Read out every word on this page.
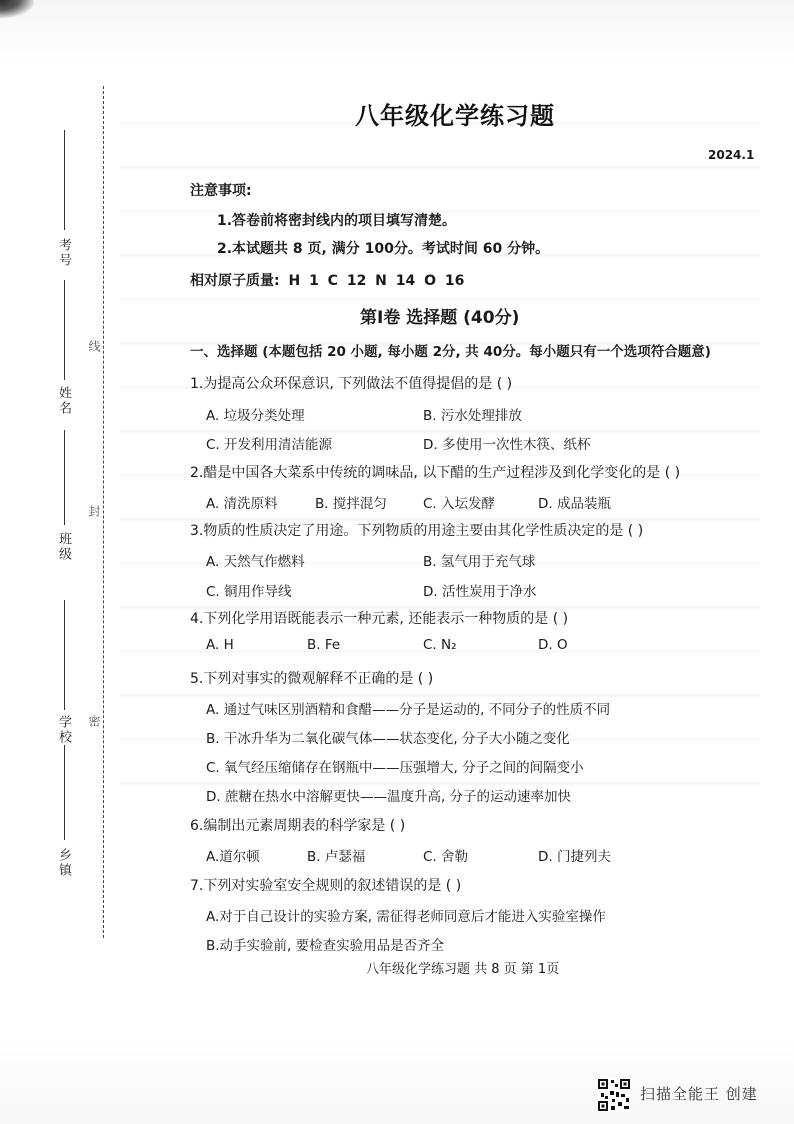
考号
姓名
班级
学校
乡镇
线
封
密
八年级化学练习题
2024.1
注意事项:
1.答卷前将密封线内的项目填写清楚。
2.本试题共 8 页, 满分 100分。考试时间 60 分钟。
相对原子质量: H 1 C 12 N 14 O 16
第Ⅰ卷 选择题 (40分)
一、选择题 (本题包括 20 小题, 每小题 2分, 共 40分。每小题只有一个选项符合题意)
1.为提高公众环保意识, 下列做法不值得提倡的是 ( )
A. 垃圾分类处理	B. 污水处理排放
C. 开发利用清洁能源	D. 多使用一次性木筷、纸杯
2.醋是中国各大菜系中传统的调味品, 以下醋的生产过程涉及到化学变化的是 ( )
A. 清洗原料	B. 搅拌混匀	C. 入坛发酵	D. 成品装瓶
3.物质的性质决定了用途。下列物质的用途主要由其化学性质决定的是 ( )
A. 天然气作燃料	B. 氢气用于充气球
C. 铜用作导线	D. 活性炭用于净水
4.下列化学用语既能表示一种元素, 还能表示一种物质的是 ( )
A. H	B. Fe	C. N₂	D. O
5.下列对事实的微观解释不正确的是 ( )
A. 通过气味区别酒精和食醋——分子是运动的, 不同分子的性质不同
B. 干冰升华为二氧化碳气体——状态变化, 分子大小随之变化
C. 氧气经压缩储存在钢瓶中——压强增大, 分子之间的间隔变小
D. 蔗糖在热水中溶解更快——温度升高, 分子的运动速率加快
6.编制出元素周期表的科学家是 ( )
A.道尔顿	B. 卢瑟福	C. 舍勒	D. 门捷列夫
7.下列对实验室安全规则的叙述错误的是 ( )
A.对于自己设计的实验方案, 需征得老师同意后才能进入实验室操作
B.动手实验前, 要检查实验用品是否齐全
八年级化学练习题 共 8 页 第 1页
扫描全能王 创建
